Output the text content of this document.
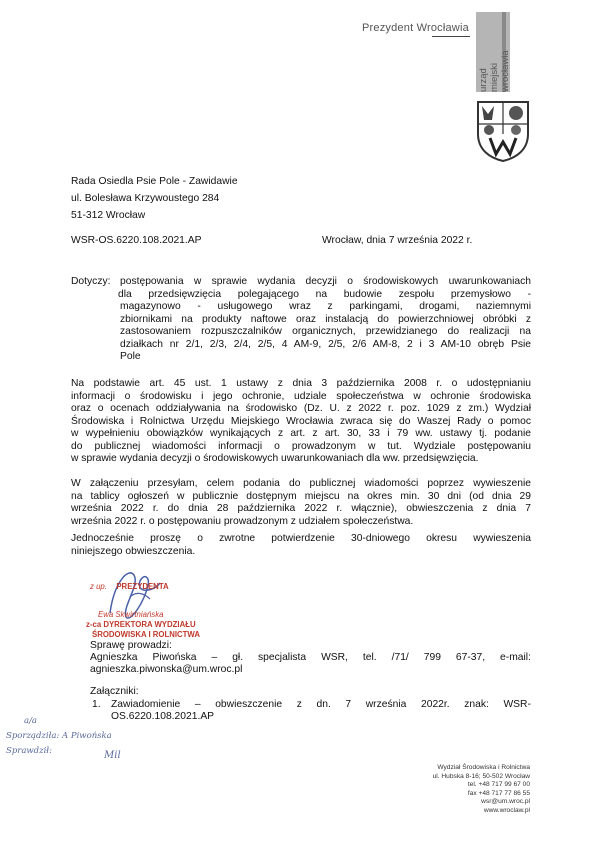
Prezydent Wrocławia
urząd miejski wrocławia
Rada Osiedla Psie Pole - Zawidawie
ul. Bolesława Krzywoustego 284
51-312 Wrocław
WSR-OS.6220.108.2021.AP	Wrocław, dnia 7 września 2022 r.
Dotyczy: postępowania w sprawie wydania decyzji o środowiskowych uwarunkowaniach
dla przedsięwzięcia polegającego na budowie zespołu przemysłowo -
magazynowo - usługowego wraz z parkingami, drogami, naziemnymi
zbiornikami na produkty naftowe oraz instalacją do powierzchniowej obróbki z
zastosowaniem rozpuszczalników organicznych, przewidzianego do realizacji na
działkach nr 2/1, 2/3, 2/4, 2/5, 4 AM-9, 2/5, 2/6 AM-8, 2 i 3 AM-10 obręb Psie
Pole
Na podstawie art. 45 ust. 1 ustawy z dnia 3 października 2008 r. o udostępnianiu
informacji o środowisku i jego ochronie, udziale społeczeństwa w ochronie środowiska
oraz o ocenach oddziaływania na środowisko (Dz. U. z 2022 r. poz. 1029 z zm.) Wydział
Środowiska i Rolnictwa Urzędu Miejskiego Wrocławia zwraca się do Waszej Rady o pomoc
w wypełnieniu obowiązków wynikających z art. z art. 30, 33 i 79 ww. ustawy tj. podanie
do publicznej wiadomości informacji o prowadzonym w tut. Wydziale postępowaniu
w sprawie wydania decyzji o środowiskowych uwarunkowaniach dla ww. przedsięwzięcia.
W załączeniu przesyłam, celem podania do publicznej wiadomości poprzez wywieszenie
na tablicy ogłoszeń w publicznie dostępnym miejscu na okres min. 30 dni (od dnia 29
września 2022 r. do dnia 28 października 2022 r. włącznie), obwieszczenia z dnia 7
września 2022 r. o postępowaniu prowadzonym z udziałem społeczeństwa.
Jednocześnie proszę o zwrotne potwierdzenie 30-dniowego okresu wywieszenia
niniejszego obwieszczenia.
z up. PREZYDENTA
Ewa Skwirtniańska
z-ca DYREKTORA WYDZIAŁU
ŚRODOWISKA I ROLNICTWA
Sprawę prowadzi:
Agnieszka Piwońska – gł. specjalista WSR, tel. /71/ 799 67-37, e-mail:
agnieszka.piwonska@um.wroc.pl
Załączniki:
1. Zawiadomienie – obwieszczenie z dn. 7 września 2022r. znak: WSR-
OS.6220.108.2021.AP
a/a
Sporządziła: A Piwońska
Sprawdził:	Mil
Wydział Środowiska i Rolnictwa
ul. Hubska 8-16; 50-502 Wrocław
tel. +48 717 99 67 00
fax +48 717 77 86 55
wsr@um.wroc.pl
www.wroclaw.pl
